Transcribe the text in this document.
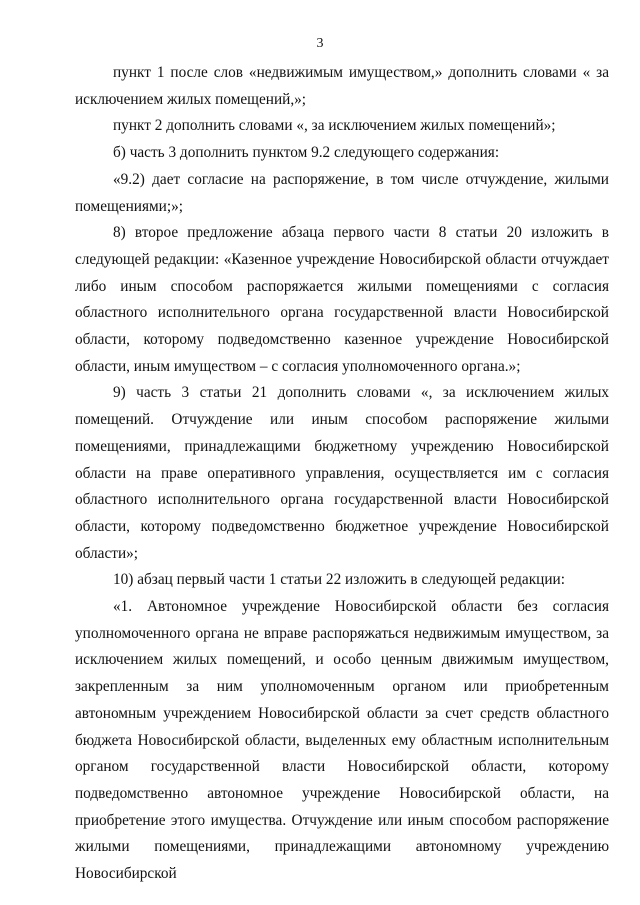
3

пункт 1 после слов «недвижимым имуществом,» дополнить словами « за исключением жилых помещений,»;

пункт 2 дополнить словами «, за исключением жилых помещений»;

б) часть 3 дополнить пунктом 9.2 следующего содержания:

«9.2) дает согласие на распоряжение, в том числе отчуждение, жилыми помещениями;»;

8) второе предложение абзаца первого части 8 статьи 20 изложить в следующей редакции: «Казенное учреждение Новосибирской области отчуждает либо иным способом распоряжается жилыми помещениями с согласия областного исполнительного органа государственной власти Новосибирской области, которому подведомственно казенное учреждение Новосибирской области, иным имуществом – с согласия уполномоченного органа.»;

9) часть 3 статьи 21 дополнить словами «, за исключением жилых помещений. Отчуждение или иным способом распоряжение жилыми помещениями, принадлежащими бюджетному учреждению Новосибирской области на праве оперативного управления, осуществляется им с согласия областного исполнительного органа государственной власти Новосибирской области, которому подведомственно бюджетное учреждение Новосибирской области»;

10) абзац первый части 1 статьи 22 изложить в следующей редакции:

«1. Автономное учреждение Новосибирской области без согласия уполномоченного органа не вправе распоряжаться недвижимым имуществом, за исключением жилых помещений, и особо ценным движимым имуществом, закрепленным за ним уполномоченным органом или приобретенным автономным учреждением Новосибирской области за счет средств областного бюджета Новосибирской области, выделенных ему областным исполнительным органом государственной власти Новосибирской области, которому подведомственно автономное учреждение Новосибирской области, на приобретение этого имущества. Отчуждение или иным способом распоряжение жилыми помещениями, принадлежащими автономному учреждению Новосибирской
